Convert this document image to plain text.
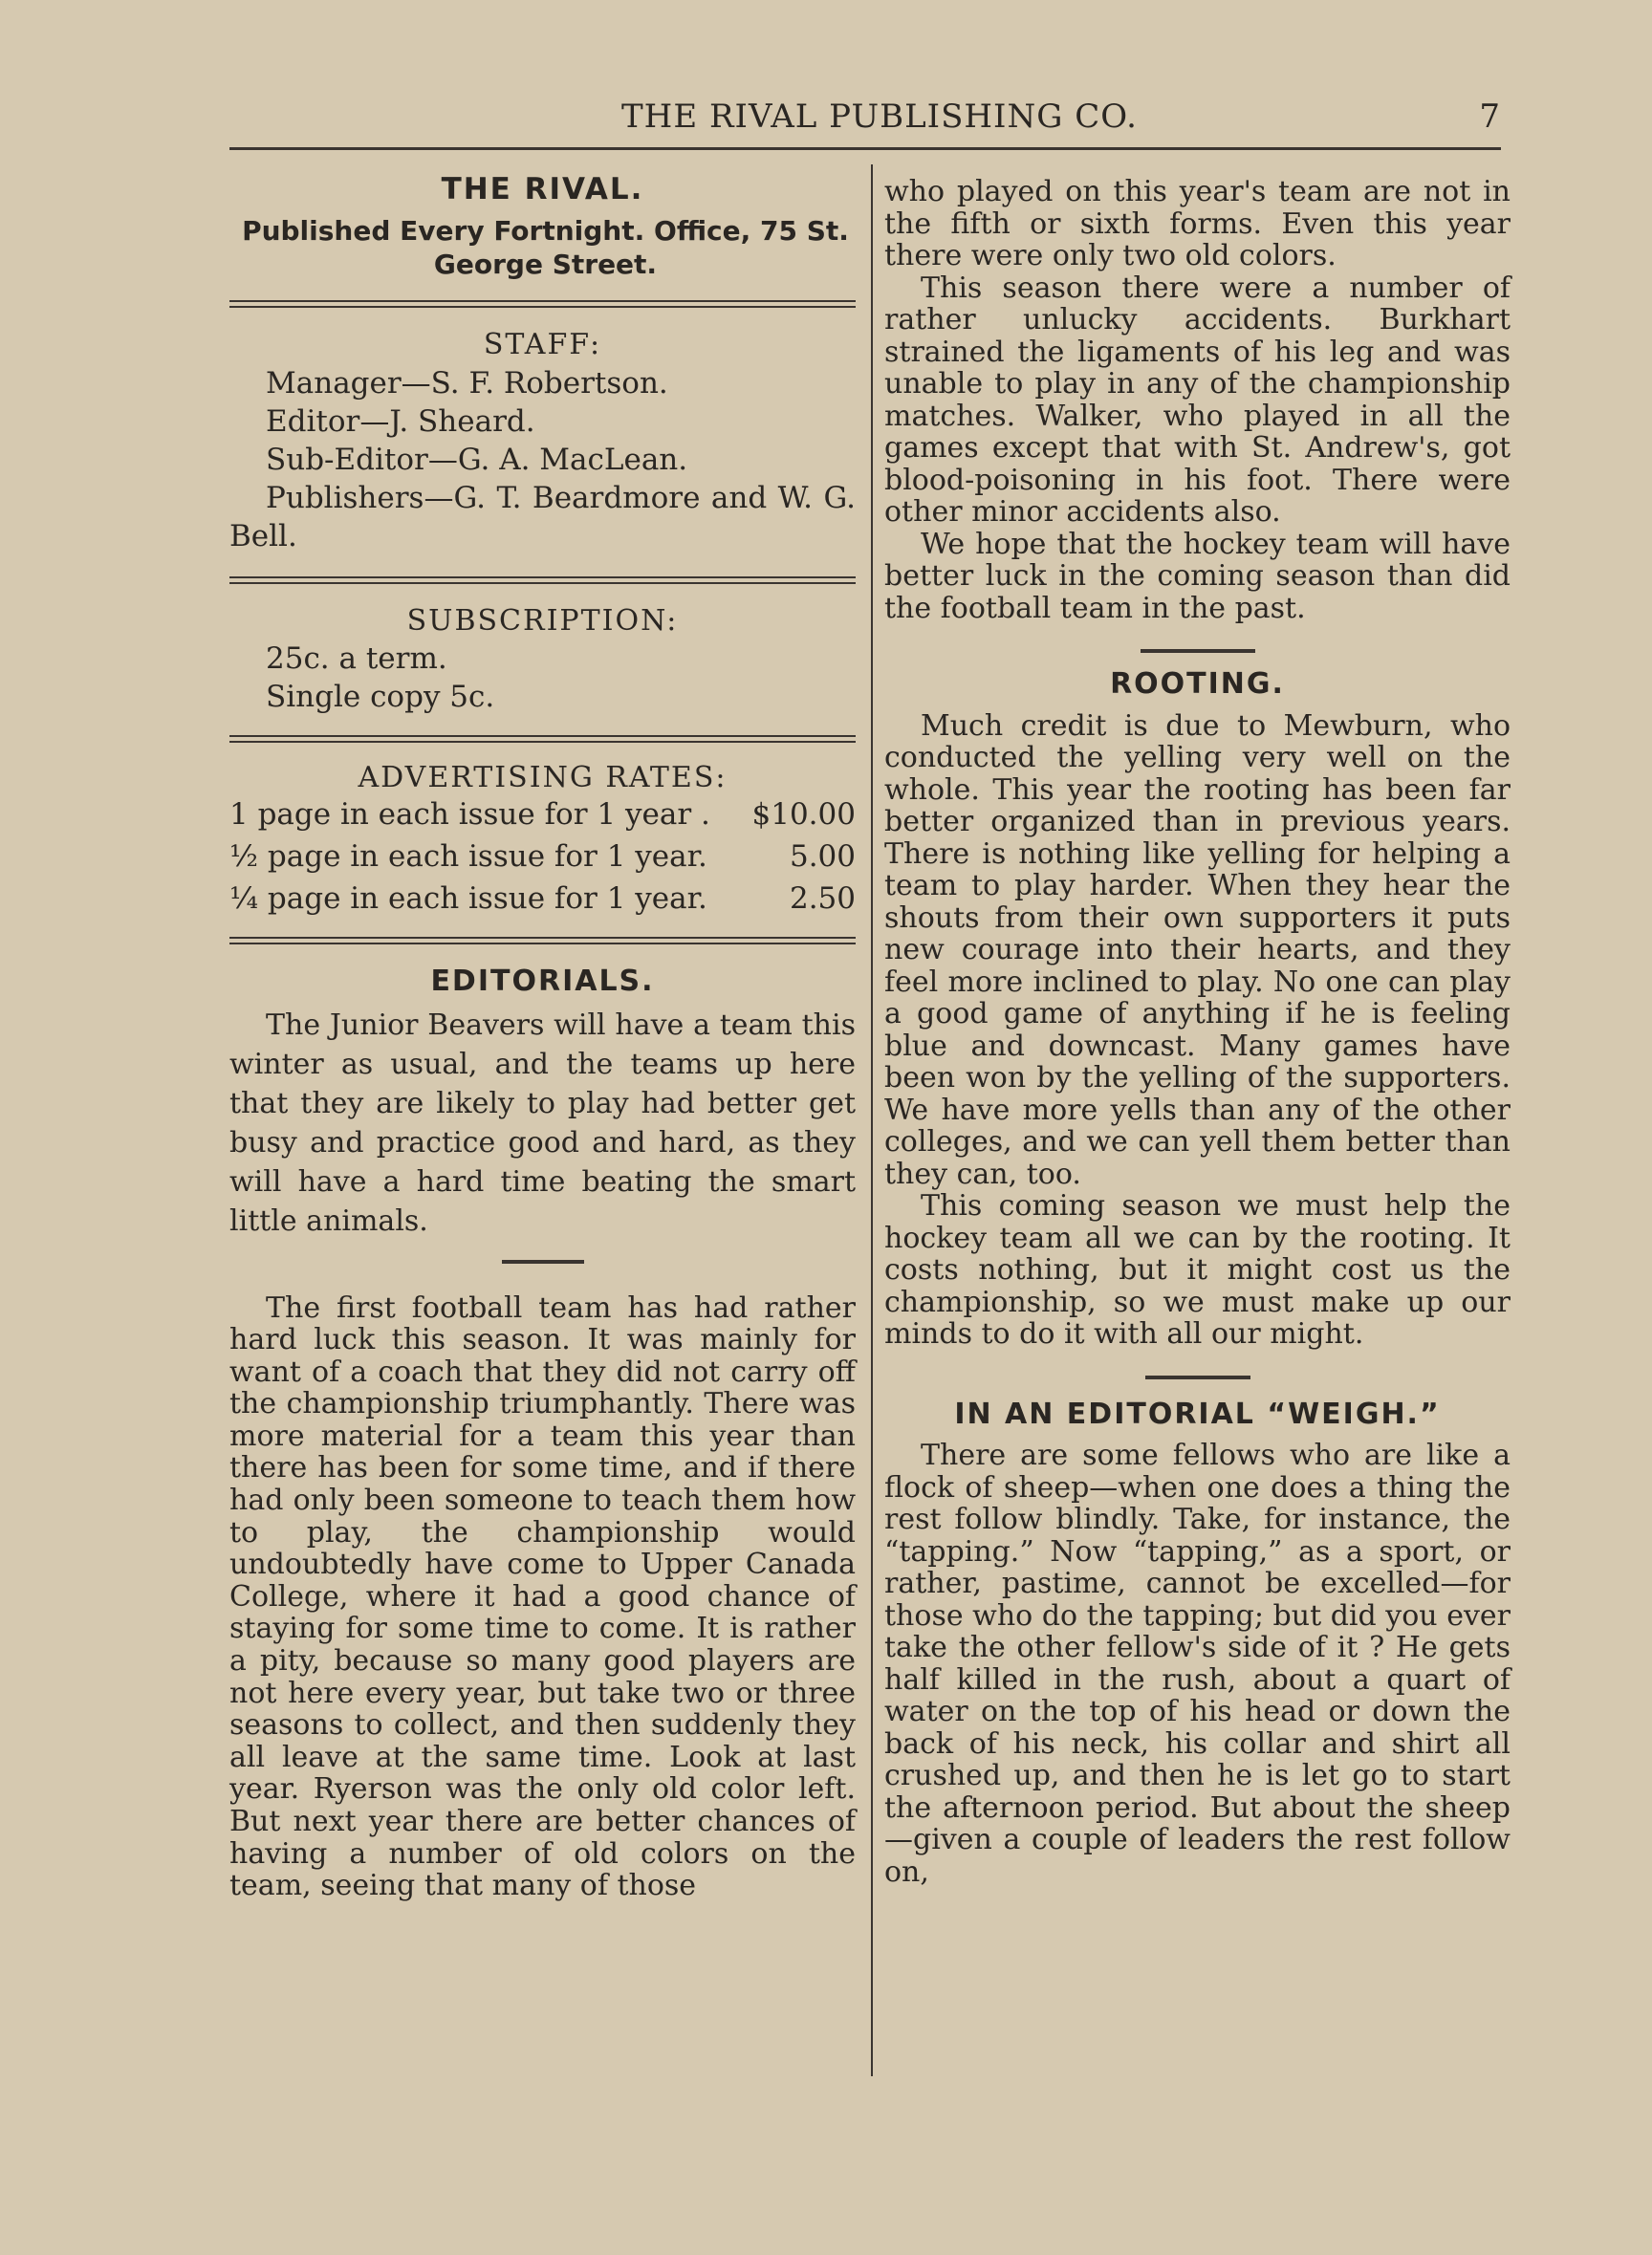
THE RIVAL PUBLISHING CO.	7

THE RIVAL.

Published Every Fortnight. Office, 75 St. George Street.

STAFF:

Manager—S. F. Robertson.

Editor—J. Sheard.

Sub-Editor—G. A. MacLean.

Publishers—G. T. Beardmore and W. G. Bell.

SUBSCRIPTION:

25c. a term.

Single copy 5c.

ADVERTISING RATES:

1 page in each issue for 1 year . $10.00

½ page in each issue for 1 year.	5.00

¼ page in each issue for 1 year.	2.50

EDITORIALS.

The Junior Beavers will have a team this winter as usual, and the teams up here that they are likely to play had better get busy and practice good and hard, as they will have a hard time beating the smart little animals.

The first football team has had rather hard luck this season. It was mainly for want of a coach that they did not carry off the championship triumphantly. There was more material for a team this year than there has been for some time, and if there had only been someone to teach them how to play, the championship would undoubtedly have come to Upper Canada College, where it had a good chance of staying for some time to come. It is rather a pity, because so many good players are not here every year, but take two or three seasons to collect, and then suddenly they all leave at the same time. Look at last year. Ryerson was the only old color left. But next year there are better chances of having a number of old colors on the team, seeing that many of those

who played on this year's team are not in the fifth or sixth forms. Even this year there were only two old colors.

This season there were a number of rather unlucky accidents. Burkhart strained the ligaments of his leg and was unable to play in any of the championship matches. Walker, who played in all the games except that with St. Andrew's, got blood-poisoning in his foot. There were other minor accidents also.

We hope that the hockey team will have better luck in the coming season than did the football team in the past.

ROOTING.

Much credit is due to Mewburn, who conducted the yelling very well on the whole. This year the rooting has been far better organized than in previous years. There is nothing like yelling for helping a team to play harder. When they hear the shouts from their own supporters it puts new courage into their hearts, and they feel more inclined to play. No one can play a good game of anything if he is feeling blue and downcast. Many games have been won by the yelling of the supporters. We have more yells than any of the other colleges, and we can yell them better than they can, too.

This coming season we must help the hockey team all we can by the rooting. It costs nothing, but it might cost us the championship, so we must make up our minds to do it with all our might.

IN AN EDITORIAL “WEIGH.”

There are some fellows who are like a flock of sheep—when one does a thing the rest follow blindly. Take, for instance, the “tapping.” Now “tapping,” as a sport, or rather, pastime, cannot be excelled—for those who do the tapping; but did you ever take the other fellow's side of it ? He gets half killed in the rush, about a quart of water on the top of his head or down the back of his neck, his collar and shirt all crushed up, and then he is let go to start the afternoon period. But about the sheep—given a couple of leaders the rest follow on,
